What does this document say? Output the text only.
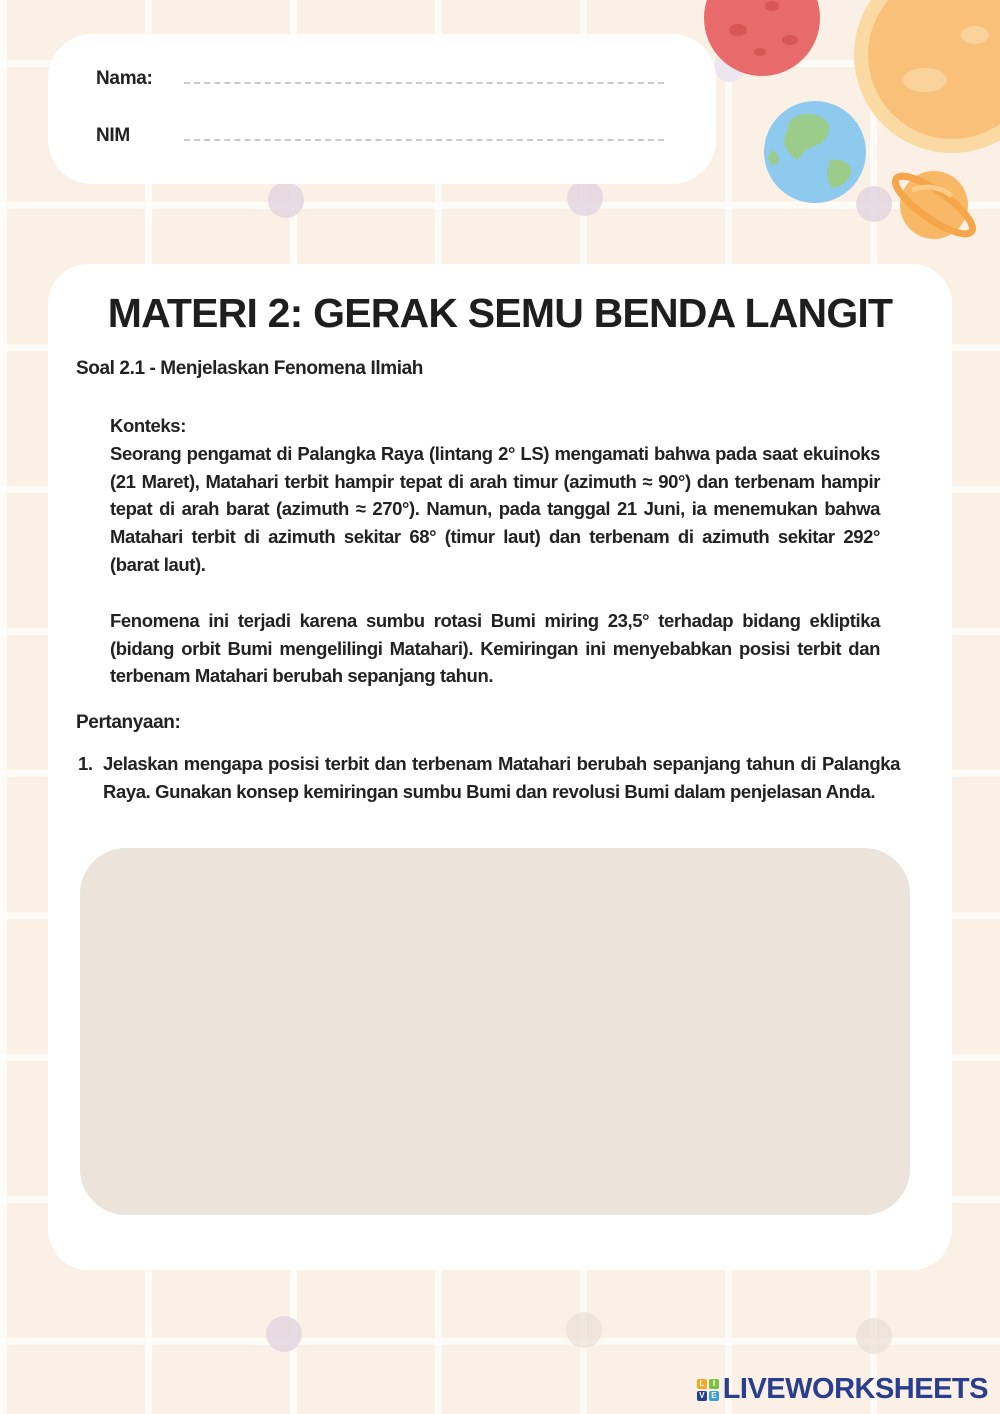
Nama:
NIM
MATERI 2: GERAK SEMU BENDA LANGIT

Soal 2.1 - Menjelaskan Fenomena Ilmiah

Konteks:

Seorang pengamat di Palangka Raya (lintang 2° LS) mengamati bahwa pada saat ekuinoks (21 Maret), Matahari terbit hampir tepat di arah timur (azimuth ≈ 90°) dan terbenam hampir tepat di arah barat (azimuth ≈ 270°). Namun, pada tanggal 21 Juni, ia menemukan bahwa Matahari terbit di azimuth sekitar 68° (timur laut) dan terbenam di azimuth sekitar 292° (barat laut).

Fenomena ini terjadi karena sumbu rotasi Bumi miring 23,5° terhadap bidang ekliptika (bidang orbit Bumi mengelilingi Matahari). Kemiringan ini menyebabkan posisi terbit dan terbenam Matahari berubah sepanjang tahun.

Pertanyaan:

1. Jelaskan mengapa posisi terbit dan terbenam Matahari berubah sepanjang tahun di Palangka Raya. Gunakan konsep kemiringan sumbu Bumi dan revolusi Bumi dalam penjelasan Anda.
L	I
V E LIVEWORKSHEETS
